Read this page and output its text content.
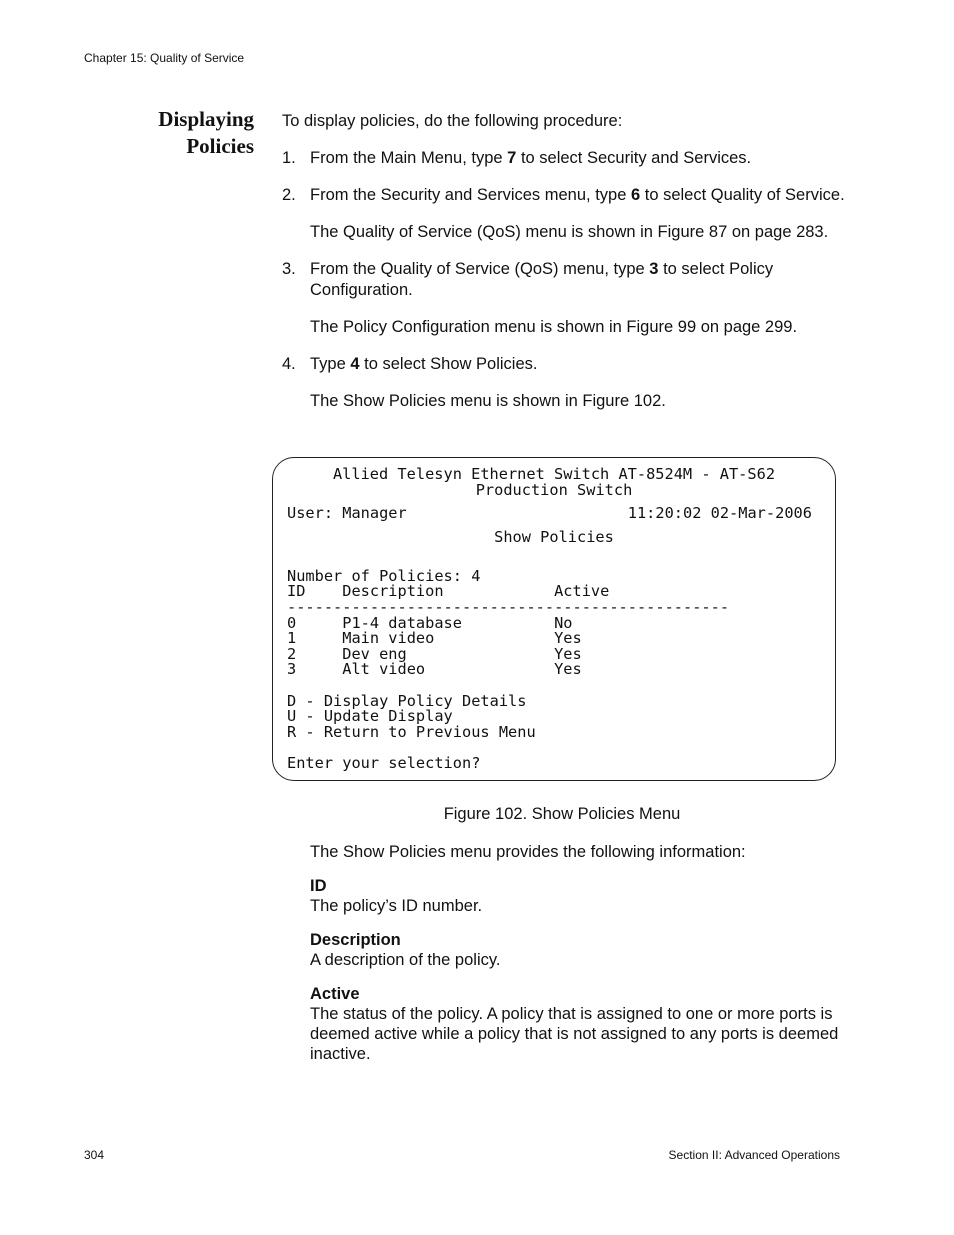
Chapter 15: Quality of Service
Displaying
Policies

To display policies, do the following procedure:

1. From the Main Menu, type 7 to select Security and Services.
2. From the Security and Services menu, type 6 to select Quality of Service.
The Quality of Service (QoS) menu is shown in Figure 87 on page 283.
3. From the Quality of Service (QoS) menu, type 3 to select Policy Configuration.
The Policy Configuration menu is shown in Figure 99 on page 299.
4. Type 4 to select Show Policies.
The Show Policies menu is shown in Figure 102.
Allied Telesyn Ethernet Switch AT-8524M - AT-S62
Production Switch
User: Manager                        11:20:02 02-Mar-2006
Show Policies
Number of Policies: 4
ID    Description            Active
------------------------------------------------
0     P1-4 database          No
1     Main video             Yes
2     Dev eng                Yes
3     Alt video              Yes
D - Display Policy Details
U - Update Display
R - Return to Previous Menu
Enter your selection?
Figure 102. Show Policies Menu

The Show Policies menu provides the following information:

ID
The policy’s ID number.
Description
A description of the policy.
Active
The status of the policy. A policy that is assigned to one or more ports is deemed active while a policy that is not assigned to any ports is deemed inactive.
304	Section II: Advanced Operations
